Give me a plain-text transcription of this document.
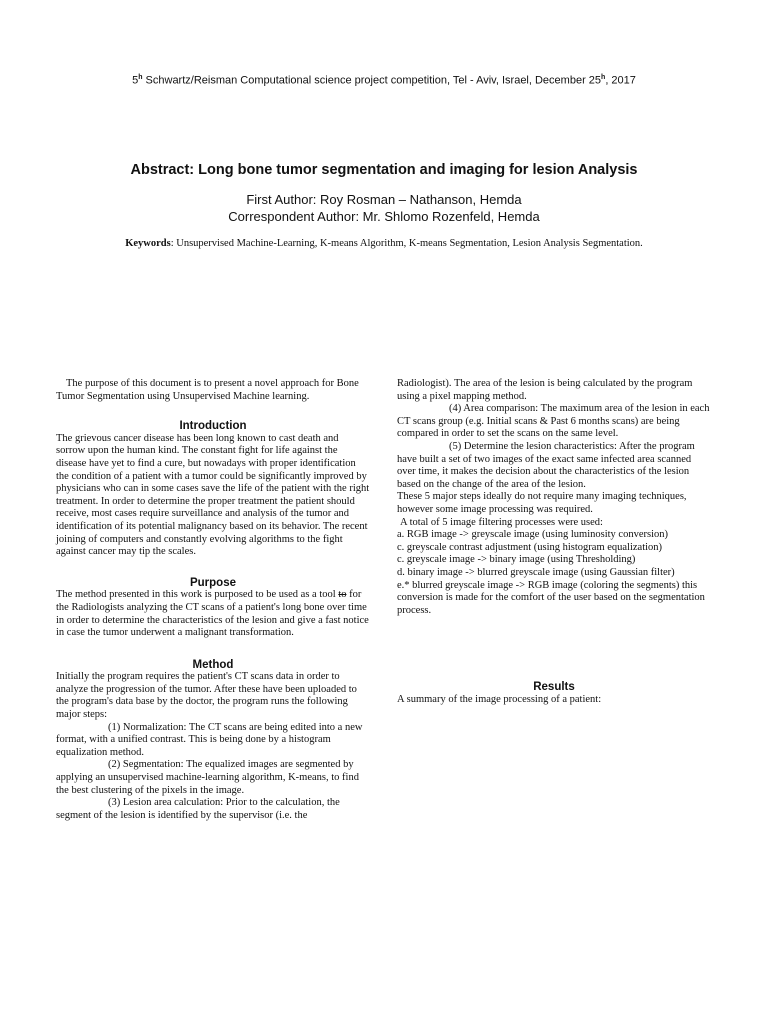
5$^h$ Schwartz/Reisman Computational science project competition, Tel - Aviv, Israel, December 25$^h$, 2017
Abstract: Long bone tumor segmentation and imaging for lesion Analysis
First Author: Roy Rosman – Nathanson, Hemda
Correspondent Author: Mr. Shlomo Rozenfeld, Hemda
Keywords: Unsupervised Machine-Learning, K-means Algorithm, K-means Segmentation, Lesion Analysis Segmentation.

The purpose of this document is to present a novel approach for Bone Tumor Segmentation using Unsupervised Machine learning.

Introduction

The grievous cancer disease has been long known to cast death and sorrow upon the human kind. The constant fight for life against the disease have yet to find a cure, but nowadays with proper identification the condition of a patient with a tumor could be significantly improved by physicians who can in some cases save the life of the patient with the right treatment. In order to determine the proper treatment the patient should receive, most cases require surveillance and analysis of the tumor and identification of its potential malignancy based on its behavior. The recent joining of computers and constantly evolving algorithms to the fight against cancer may tip the scales.

Purpose

The method presented in this work is purposed to be used as a tool to for the Radiologists analyzing the CT scans of a patient's long bone over time in order to determine the characteristics of the lesion and give a fast notice in case the tumor underwent a malignant transformation.

Method

Initially the program requires the patient's CT scans data in order to analyze the progression of the tumor. After these have been uploaded to the program's data base by the doctor, the program runs the following major steps:

(1) Normalization: The CT scans are being edited into a new format, with a unified contrast. This is being done by a histogram equalization method.

(2) Segmentation: The equalized images are segmented by applying an unsupervised machine-learning algorithm, K-means, to find the best clustering of the pixels in the image.

(3) Lesion area calculation: Prior to the calculation, the segment of the lesion is identified by the supervisor (i.e. the

Radiologist). The area of the lesion is being calculated by the program using a pixel mapping method.

(4) Area comparison: The maximum area of the lesion in each CT scans group (e.g. Initial scans & Past 6 months scans) are being compared in order to set the scans on the same level.

(5) Determine the lesion characteristics: After the program have built a set of two images of the exact same infected area scanned over time, it makes the decision about the characteristics of the lesion based on the change of the area of the lesion.

These 5 major steps ideally do not require many imaging techniques, however some image processing was required.

A total of 5 image filtering processes were used:

a. RGB image -> greyscale image (using luminosity conversion)

c. greyscale contrast adjustment (using histogram equalization)

c. greyscale image -> binary image (using Thresholding)

d. binary image -> blurred greyscale image (using Gaussian filter)

e.* blurred greyscale image -> RGB image (coloring the segments) this conversion is made for the comfort of the user based on the segmentation process.

Results

A summary of the image processing of a patient:
